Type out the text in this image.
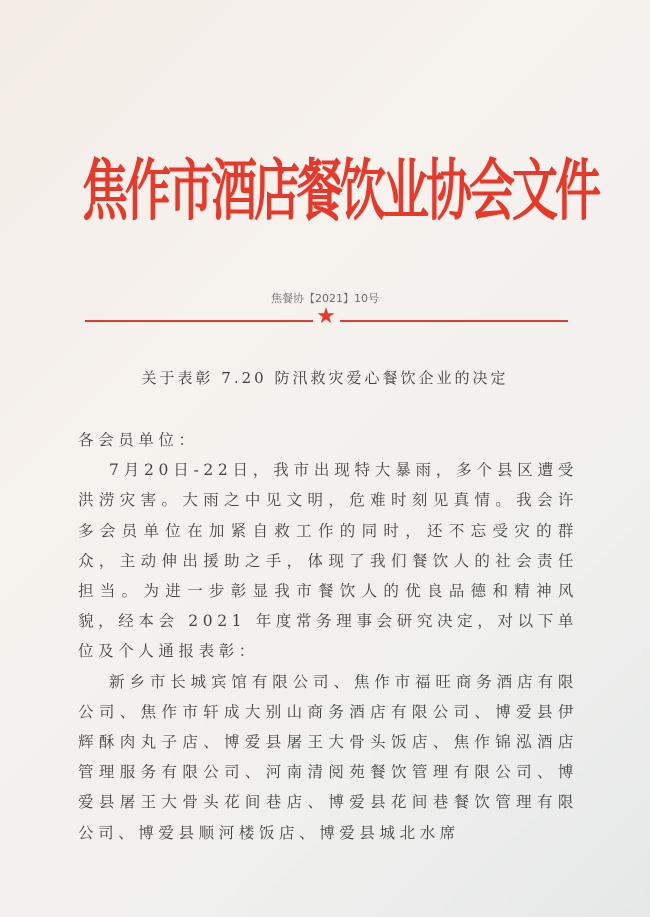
焦作市酒店餐饮业协会文件
焦餐协【2021】10号
★
关于表彰 7.20 防汛救灾爱心餐饮企业的决定

各会员单位：

7月20日-22日，我市出现特大暴雨，多个县区遭受洪涝灾害。大雨之中见文明，危难时刻见真情。我会许多会员单位在加紧自救工作的同时，还不忘受灾的群众，主动伸出援助之手，体现了我们餐饮人的社会责任担当。为进一步彰显我市餐饮人的优良品德和精神风貌，经本会 2021 年度常务理事会研究决定，对以下单位及个人通报表彰：

新乡市长城宾馆有限公司、焦作市福旺商务酒店有限公司、焦作市轩成大别山商务酒店有限公司、博爱县伊辉酥肉丸子店、博爱县屠王大骨头饭店、焦作锦泓酒店管理服务有限公司、河南清阅苑餐饮管理有限公司、博爱县屠王大骨头花间巷店、博爱县花间巷餐饮管理有限公司、博爱县顺河楼饭店、博爱县城北水席
